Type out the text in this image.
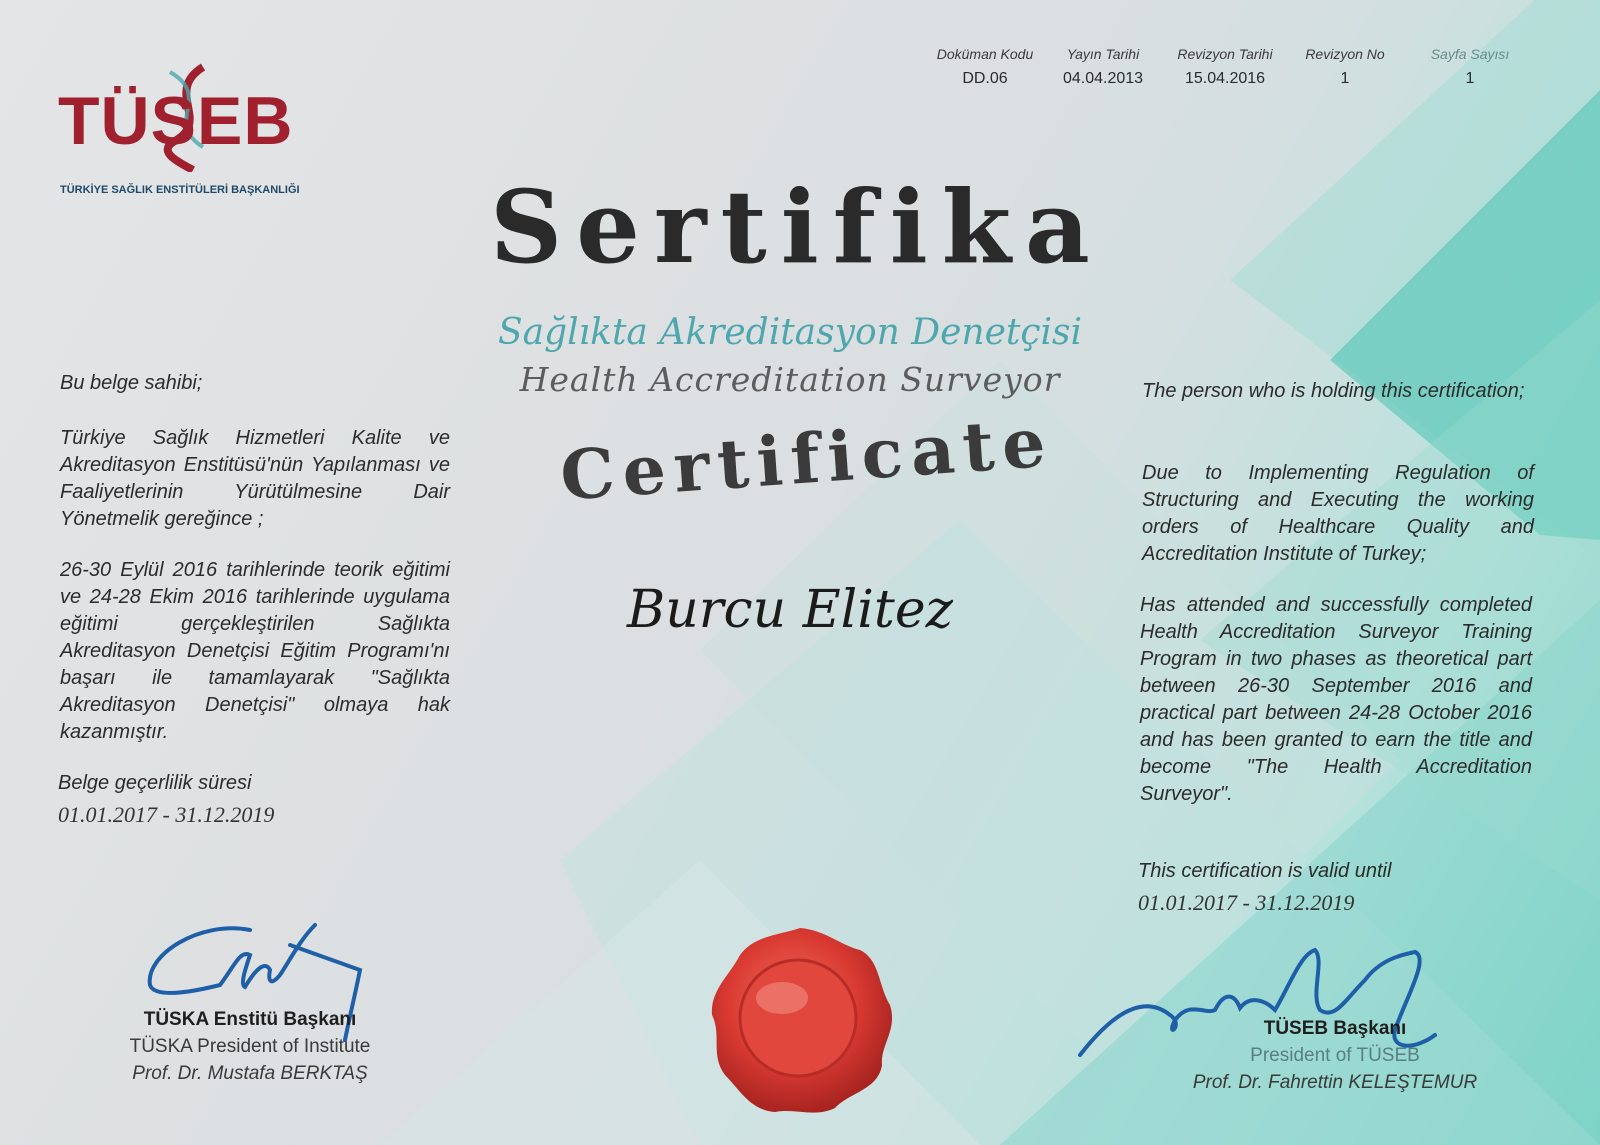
TÜSEB
TÜRKİYE SAĞLIK ENSTİTÜLERİ BAŞKANLIĞI
Doküman Kodu
DD.06
Yayın Tarihi
04.04.2013
Revizyon Tarihi
15.04.2016
Revizyon No
1
Sayfa Sayısı
1
Sertifika
Sağlıkta Akreditasyon Denetçisi
Health Accreditation Surveyor
Certificate
Burcu Elitez
Bu belge sahibi;
Türkiye Sağlık Hizmetleri Kalite ve Akreditasyon Enstitüsü'nün Yapılanması ve Faaliyetlerinin Yürütülmesine Dair Yönetmelik gereğince ;
26-30 Eylül 2016 tarihlerinde teorik eğitimi ve 24-28 Ekim 2016 tarihlerinde uygulama eğitimi gerçekleştirilen Sağlıkta Akreditasyon Denetçisi Eğitim Programı'nı başarı ile tamamlayarak "Sağlıkta Akreditasyon Denetçisi" olmaya hak kazanmıştır.
Belge geçerlilik süresi
01.01.2017 - 31.12.2019
The person who is holding this certification;
Due to Implementing Regulation of Structuring and Executing the working orders of Healthcare Quality and Accreditation Institute of Turkey;
Has attended and successfully completed Health Accreditation Surveyor Training Program in two phases as theoretical part between 26-30 September 2016 and practical part between 24-28 October 2016 and has been granted to earn the title and become "The Health Accreditation Surveyor".
This certification is valid until
01.01.2017 - 31.12.2019
TÜSKA Enstitü Başkanı
TÜSKA President of Institute
Prof. Dr. Mustafa BERKTAŞ
TÜSEB Başkanı
President of TÜSEB
Prof. Dr. Fahrettin KELEŞTEMUR
